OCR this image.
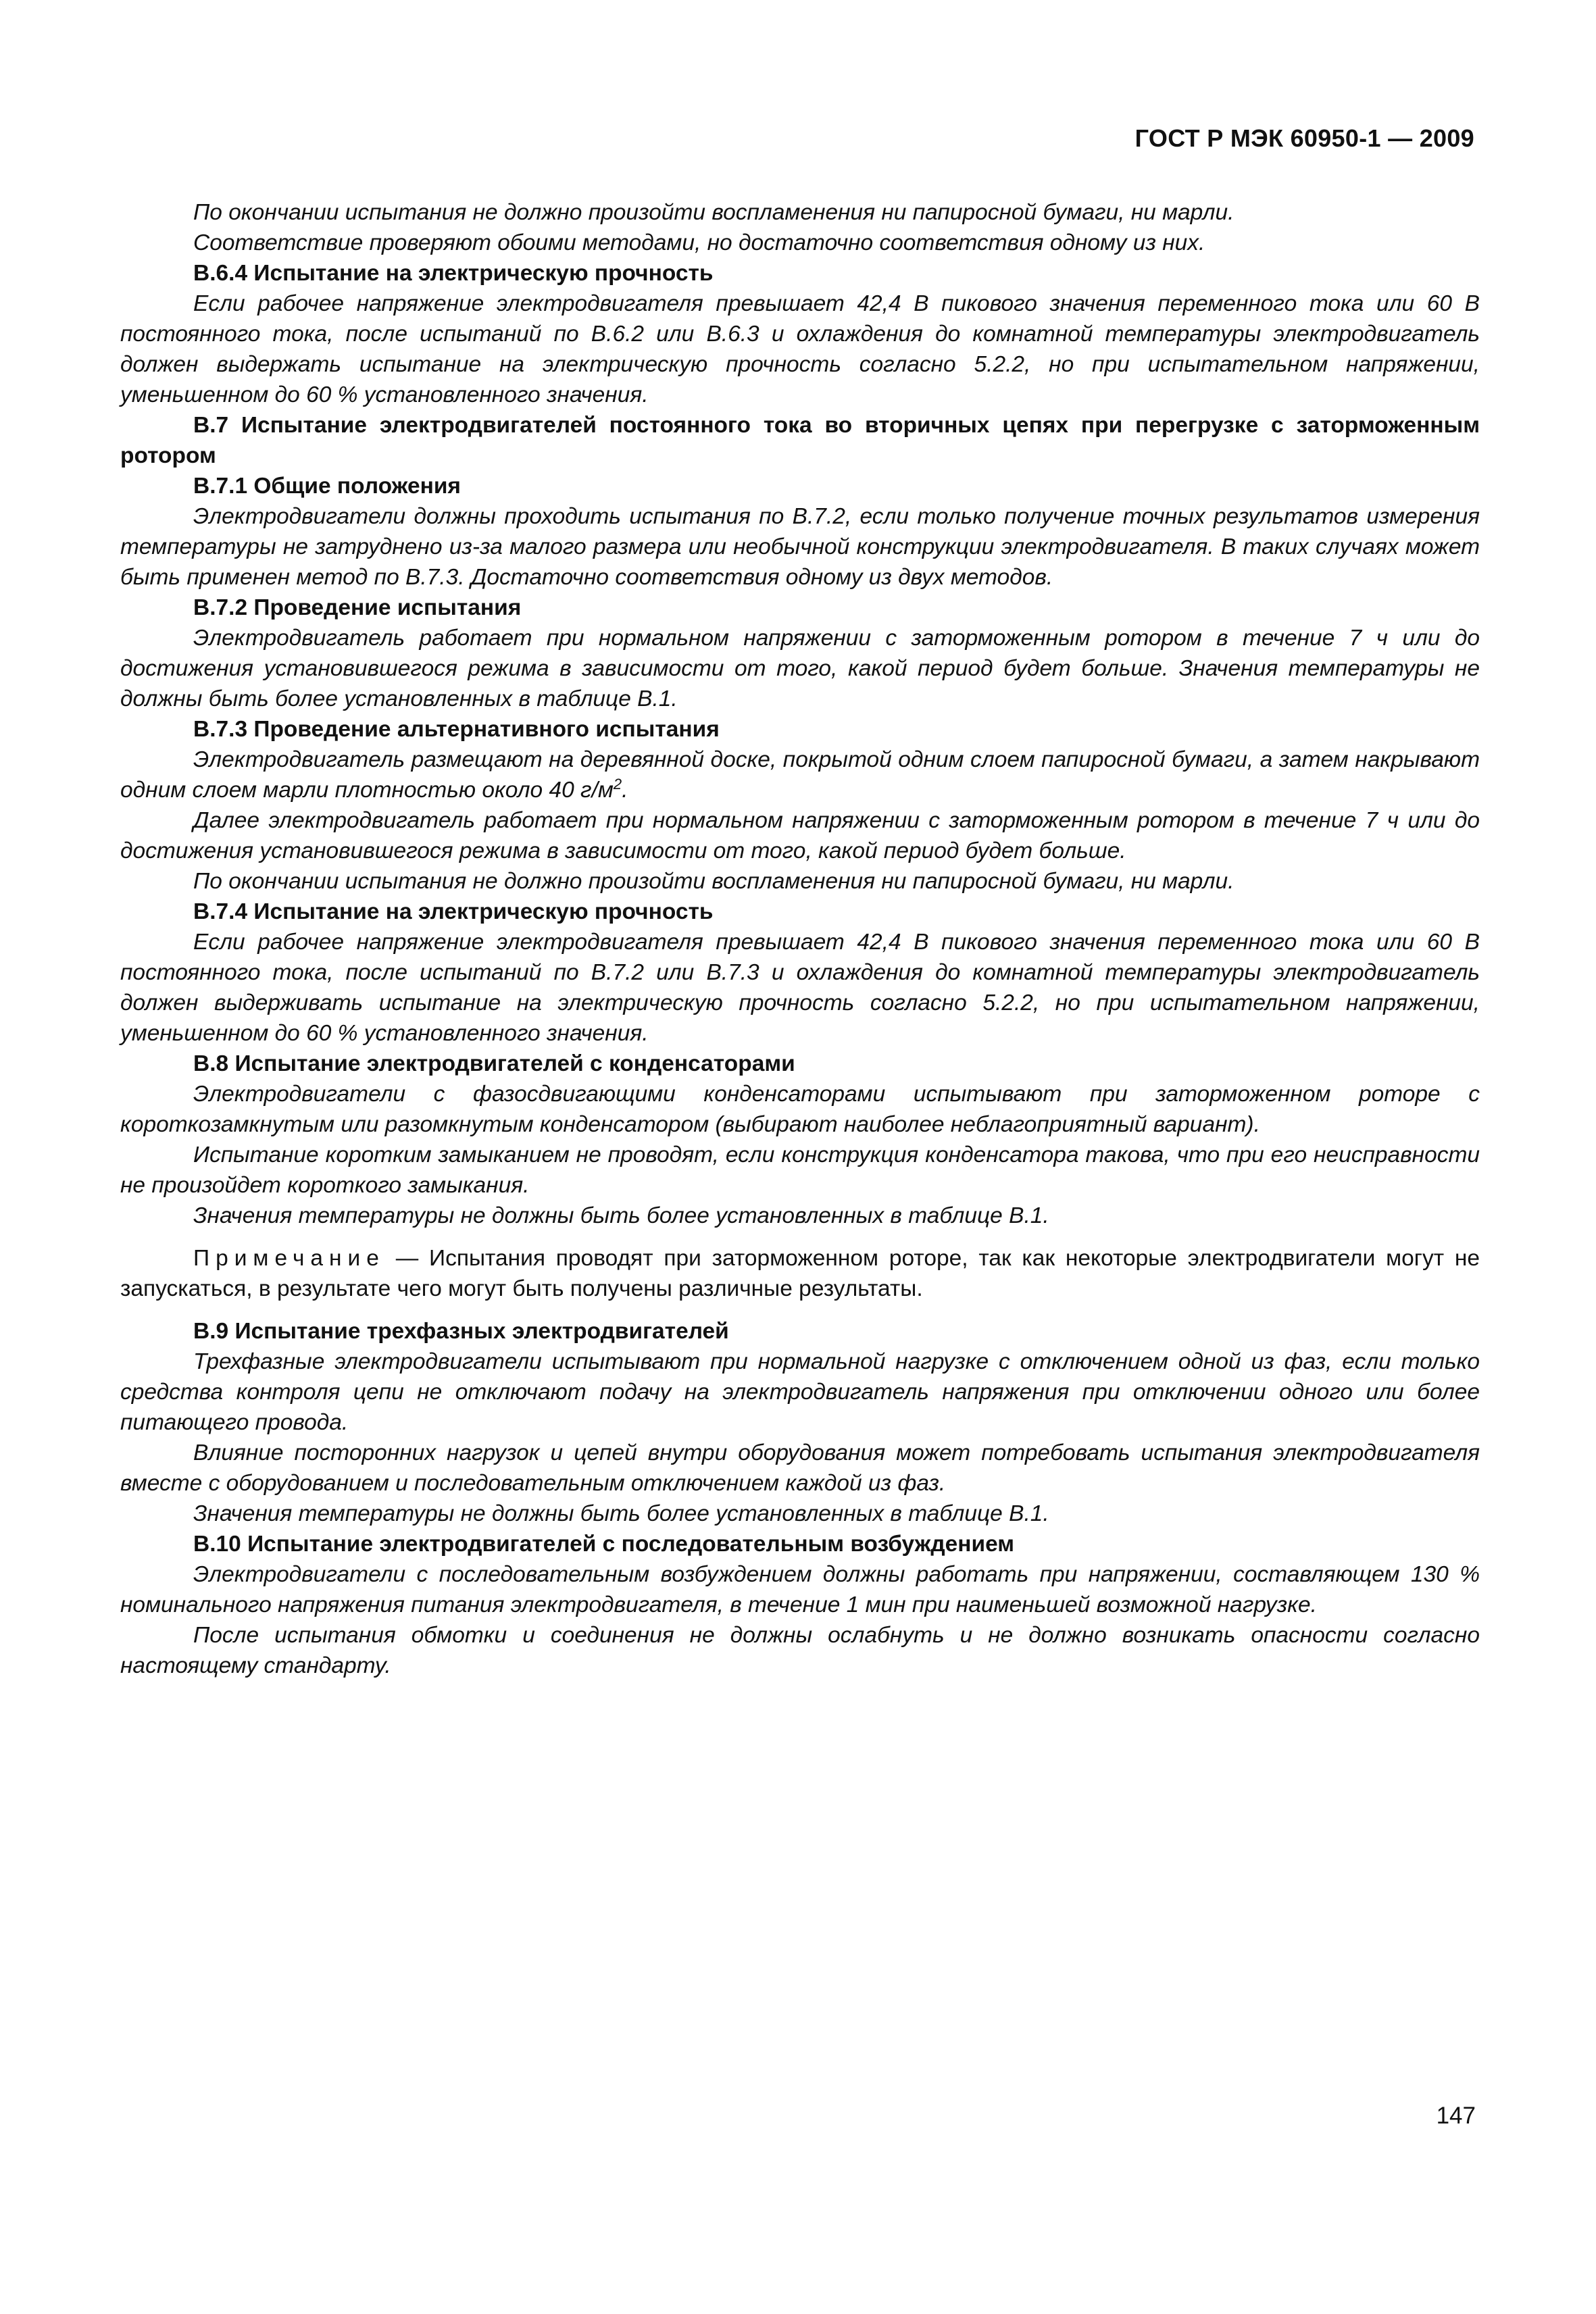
ГОСТ Р МЭК 60950-1 — 2009

По окончании испытания не должно произойти воспламенения ни папиросной бумаги, ни марли.

Соответствие проверяют обоими методами, но достаточно соответствия одному из них.

В.6.4 Испытание на электрическую прочность

Если рабочее напряжение электродвигателя превышает 42,4 В пикового значения переменного тока или 60 В постоянного тока, после испытаний по В.6.2 или В.6.3 и охлаждения до комнатной температуры электродвигатель должен выдержать испытание на электрическую прочность согласно 5.2.2, но при испытательном напряжении, уменьшенном до 60 % установленного значения.

В.7 Испытание электродвигателей постоянного тока во вторичных цепях при перегрузке с заторможенным ротором

В.7.1 Общие положения

Электродвигатели должны проходить испытания по В.7.2, если только получение точных результатов измерения температуры не затруднено из-за малого размера или необычной конструкции электродвигателя. В таких случаях может быть применен метод по В.7.3. Достаточно соответствия одному из двух методов.

В.7.2 Проведение испытания

Электродвигатель работает при нормальном напряжении с заторможенным ротором в течение 7 ч или до достижения установившегося режима в зависимости от того, какой период будет больше. Значения температуры не должны быть более установленных в таблице В.1.

В.7.3 Проведение альтернативного испытания

Электродвигатель размещают на деревянной доске, покрытой одним слоем папиросной бумаги, а затем накрывают одним слоем марли плотностью около 40 $г/м^2$.

Далее электродвигатель работает при нормальном напряжении с заторможенным ротором в течение 7 ч или до достижения установившегося режима в зависимости от того, какой период будет больше.

По окончании испытания не должно произойти воспламенения ни папиросной бумаги, ни марли.

В.7.4 Испытание на электрическую прочность

Если рабочее напряжение электродвигателя превышает 42,4 В пикового значения переменного тока или 60 В постоянного тока, после испытаний по В.7.2 или В.7.3 и охлаждения до комнатной температуры электродвигатель должен выдерживать испытание на электрическую прочность согласно 5.2.2, но при испытательном напряжении, уменьшенном до 60 % установленного значения.

В.8 Испытание электродвигателей с конденсаторами

Электродвигатели с фазосдвигающими конденсаторами испытывают при заторможенном роторе с короткозамкнутым или разомкнутым конденсатором (выбирают наиболее неблагоприятный вариант).

Испытание коротким замыканием не проводят, если конструкция конденсатора такова, что при его неисправности не произойдет короткого замыкания.

Значения температуры не должны быть более установленных в таблице В.1.

Примечание — Испытания проводят при заторможенном роторе, так как некоторые электродвигатели могут не запускаться, в результате чего могут быть получены различные результаты.

В.9 Испытание трехфазных электродвигателей

Трехфазные электродвигатели испытывают при нормальной нагрузке с отключением одной из фаз, если только средства контроля цепи не отключают подачу на электродвигатель напряжения при отключении одного или более питающего провода.

Влияние посторонних нагрузок и цепей внутри оборудования может потребовать испытания электродвигателя вместе с оборудованием и последовательным отключением каждой из фаз.

Значения температуры не должны быть более установленных в таблице В.1.

В.10 Испытание электродвигателей с последовательным возбуждением

Электродвигатели с последовательным возбуждением должны работать при напряжении, составляющем 130 % номинального напряжения питания электродвигателя, в течение 1 мин при наименьшей возможной нагрузке.

После испытания обмотки и соединения не должны ослабнуть и не должно возникать опасности согласно настоящему стандарту.

147
